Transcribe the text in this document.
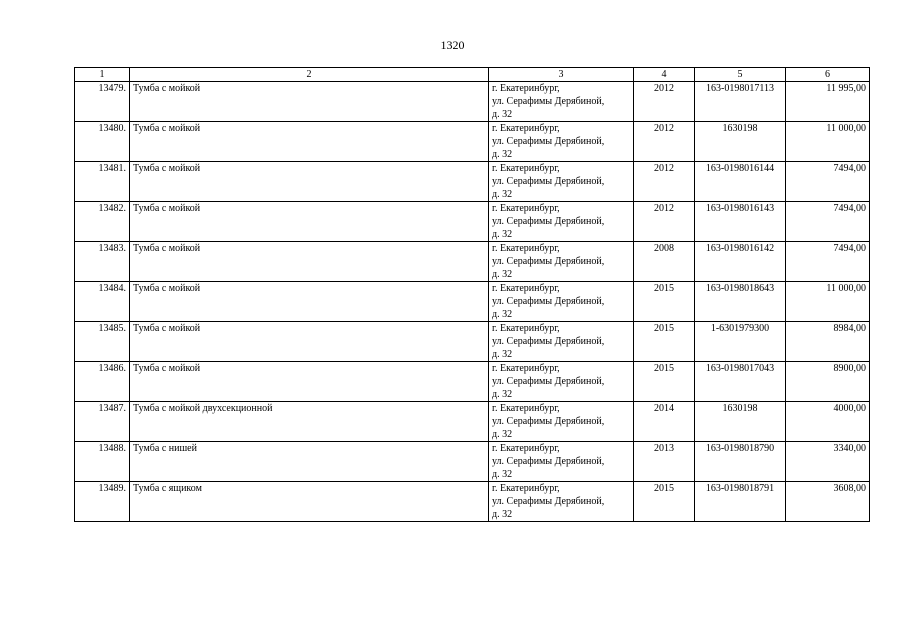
1320
1	2	3	4	5	6
13479.	Тумба с мойкой	г. Екатеринбург,
ул. Серафимы Дерябиной,
д. 32	2012	163-0198017113	11 995,00
13480.	Тумба с мойкой	г. Екатеринбург,
ул. Серафимы Дерябиной,
д. 32	2012	1630198	11 000,00
13481.	Тумба с мойкой	г. Екатеринбург,
ул. Серафимы Дерябиной,
д. 32	2012	163-0198016144	7494,00
13482.	Тумба с мойкой	г. Екатеринбург,
ул. Серафимы Дерябиной,
д. 32	2012	163-0198016143	7494,00
13483.	Тумба с мойкой	г. Екатеринбург,
ул. Серафимы Дерябиной,
д. 32	2008	163-0198016142	7494,00
13484.	Тумба с мойкой	г. Екатеринбург,
ул. Серафимы Дерябиной,
д. 32	2015	163-0198018643	11 000,00
13485.	Тумба с мойкой	г. Екатеринбург,
ул. Серафимы Дерябиной,
д. 32	2015	1-6301979300	8984,00
13486.	Тумба с мойкой	г. Екатеринбург,
ул. Серафимы Дерябиной,
д. 32	2015	163-0198017043	8900,00
13487.	Тумба с мойкой двухсекционной	г. Екатеринбург,
ул. Серафимы Дерябиной,
д. 32	2014	1630198	4000,00
13488.	Тумба с нишей	г. Екатеринбург,
ул. Серафимы Дерябиной,
д. 32	2013	163-0198018790	3340,00
13489.	Тумба с ящиком	г. Екатеринбург,
ул. Серафимы Дерябиной,
д. 32	2015	163-0198018791	3608,00
